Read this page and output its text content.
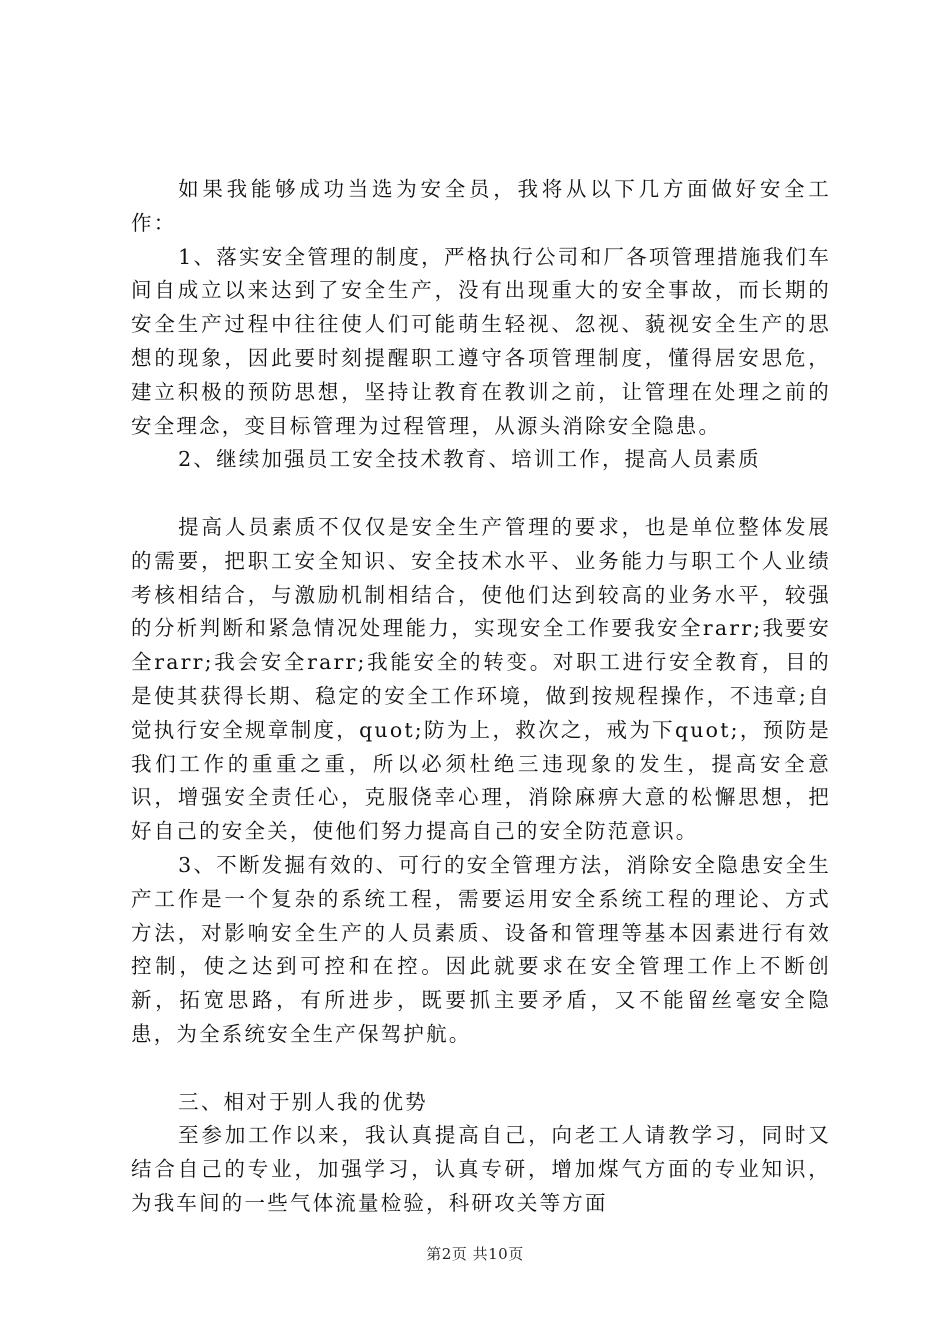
如果我能够成功当选为安全员，我将从以下几方面做好安全工作：

1、落实安全管理的制度，严格执行公司和厂各项管理措施我们车间自成立以来达到了安全生产，没有出现重大的安全事故，而长期的安全生产过程中往往使人们可能萌生轻视、忽视、藐视安全生产的思想的现象，因此要时刻提醒职工遵守各项管理制度，懂得居安思危，建立积极的预防思想，坚持让教育在教训之前，让管理在处理之前的安全理念，变目标管理为过程管理，从源头消除安全隐患。

2、继续加强员工安全技术教育、培训工作，提高人员素质

提高人员素质不仅仅是安全生产管理的要求，也是单位整体发展的需要，把职工安全知识、安全技术水平、业务能力与职工个人业绩考核相结合，与激励机制相结合，使他们达到较高的业务水平，较强的分析判断和紧急情况处理能力，实现安全工作要我安全rarr;我要安全rarr;我会安全rarr;我能安全的转变。对职工进行安全教育，目的是使其获得长期、稳定的安全工作环境，做到按规程操作，不违章;自觉执行安全规章制度，quot;防为上，救次之，戒为下quot;，预防是我们工作的重重之重，所以必须杜绝三违现象的发生，提高安全意识，增强安全责任心，克服侥幸心理，消除麻痹大意的松懈思想，把好自己的安全关，使他们努力提高自己的安全防范意识。

3、不断发掘有效的、可行的安全管理方法，消除安全隐患安全生产工作是一个复杂的系统工程，需要运用安全系统工程的理论、方式方法，对影响安全生产的人员素质、设备和管理等基本因素进行有效控制，使之达到可控和在控。因此就要求在安全管理工作上不断创新，拓宽思路，有所进步，既要抓主要矛盾，又不能留丝毫安全隐患，为全系统安全生产保驾护航。

三、相对于别人我的优势

至参加工作以来，我认真提高自己，向老工人请教学习，同时又结合自己的专业，加强学习，认真专研，增加煤气方面的专业知识，为我车间的一些气体流量检验，科研攻关等方面

第2页 共10页
